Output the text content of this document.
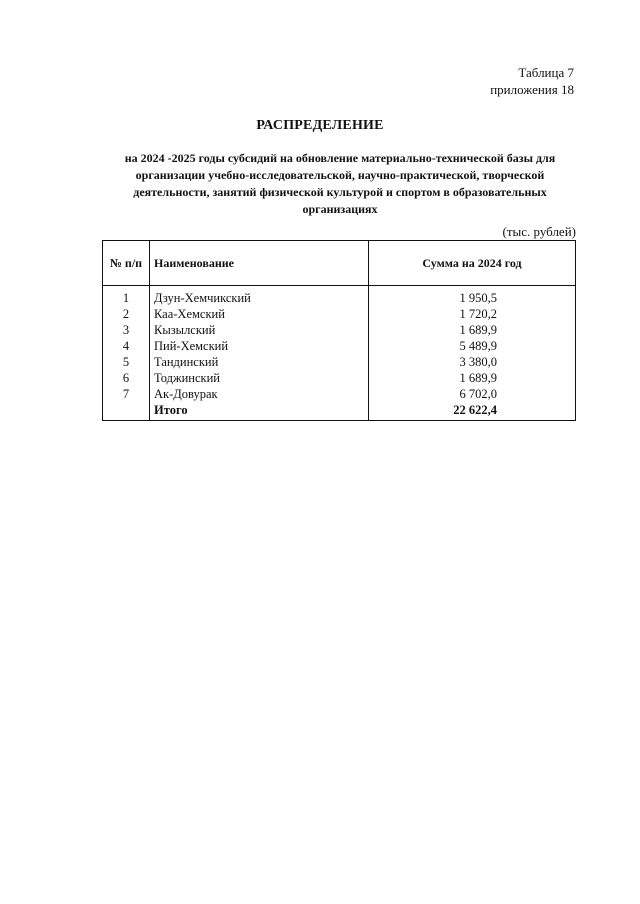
Таблица 7
приложения 18
РАСПРЕДЕЛЕНИЕ
на 2024 -2025 годы субсидий на обновление материально-технической базы для организации учебно-исследовательской, научно-практической, творческой деятельности, занятий физической культурой и спортом в образовательных организациях
(тыс. рублей)
№ п/п	Наименование	Сумма на 2024 год
1	Дзун-Хемчикский	1 950,5
2	Каа-Хемский	1 720,2
3	Кызылский	1 689,9
4	Пий-Хемский	5 489,9
5	Тандинский	3 380,0
6	Тоджинский	1 689,9
7	Ак-Довурак	6 702,0
	Итого	22 622,4
